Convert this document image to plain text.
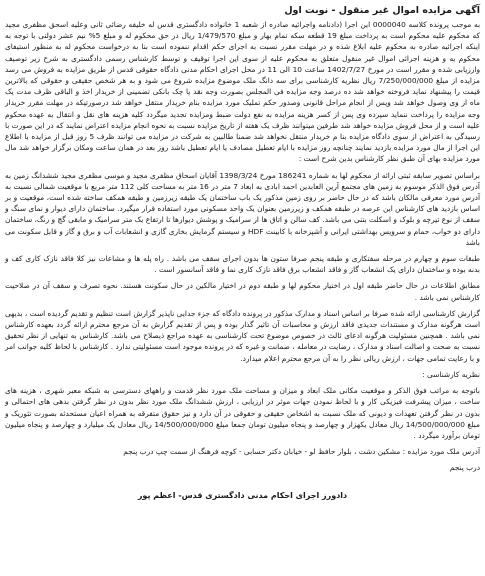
آگهی مزایده اموال غیر منقول - نوبت اول

به موجب پرونده کلاسه 0000040 این اجرا (دادنامه واجرائیه صادره از شعبه 1 خانواده دادگستری قدس له خلیفه رضائی ثانی وعلیه اسحق مظفری مجید که محکوم علیه محکوم است به پرداخت مبلغ 19 قطعه سکه تمام بهار و مبلغ 1/479/570 ریال در حق محکوم له و مبلغ 5% نیم عشر دولتی با توجه به اینکه اجرائیه صادره به محکوم علیه ابلاغ شده و در مهلت مقرر نسبت به اجرای حکم اقدام ننموده است بنا به درخواست محکوم له به منظور استیفای محکوم به و هزینه اجرائی اموال غیر منقول متعلق به محکوم علیه از سوی این اجرا توقیف و توسط کارشناس رسمی دادگستری به شرح زیر توصیف وارزیابی شده و مقرر است در مورخ 1402/7/27 ساعت 10 الی 11 در محل اجرای احکام مدنی دادگاه حقوقی قدس از طریق مزایده به فروش می رسد مزایده از مبلغ 7/250/000/000 ریال نظریه کارشناسی برای سه دانگ ملک موضوع مزایده شروع می شود و به هر شخص حقیقی و حقوقی که بالاترین قیمت را پیشنهاد نماید فروخته خواهد شد ده درصد وجه مزایده فی المجلس بصورت وجه نقد یا چک بانکی تضمینی از خریدار اخذ و الباقی ظرف مدت یک ماه از وی وصول خواهد شد وپس از انجام مراحل قانونی وصدور حکم تملیک مورد مزایده بنام خریدار منتقل خواهد شد درصورتیکه در مهلت مقرر خریدار وجه مزایده را پرداخت ننماید سپرده وی پس از کسر هزینه مزایده به نفع دولت ضبط ومزایده تجدید میگردد کلیه هزینه های نقل و انتقال به عهده محکوم علیه است و از محل فروش مزایده خواهد شد طرفین میتوانند ظرف یک هفته از تاریخ مزایده نسبت به نحوه انجام مزایده اعتراض نمایند که در این صورت با رسیدگی به اعتراض از سوی دادگاه مزایده بنا م خریدار منتقل نخواهد شد ضمنا طالبین به شرکت در مزایده می توانند ظرف 5 روز قبل از مزایده با اطلاع این اجرا از مال مورد مزایده بازدید نمایند چنانچه روز مزایده با ایام تعطیل مصادف یا ایام تعطیل باشد روز بعد در همان ساعت ومکان برگزار خواهد شد مال مورد مزایده بهای آن طبق نظر کارشناس بدین شرح است :

براساس تصویر سابقه ثبتی ارائه از محکوم لها به شماره 186241 مورخ 1398/3/24 آقایان اسحاق مظفری مجید و موسی مظفری مجید ششدانگ زمین به آدرس فوق الذکر موسوم به زمین های مجتمع آرین العابدین احمد ابادی به ابعاد 7 متر در 16 متر به مساحت کلی 112 متر مربع با موقعیت شمالی نسبت به آدرس مورد معرفی مالکان باشد که در حال حاضر بر روی زمین مذکور یک باب ساختمان یک طبقه زیرزمین و طبقه همکف ساخته شده است، موقعیت و بر اساس بازدید های کارشناس این عرصه در طبقه همکف و زیرزمین بعنوان یک واحد مسکونی مورد استفاده قرار میگیرد. ساختمان دارای دیوار و نمای سنگ و سقف از نوع تیرچه و بلوک و اسکلت بتنی می باشد. کف سالن و اتاق ها از سرامیک و پوشش دیوارها تا ارتفاع یک متر سرامیک و مابقی گچ و رنگ، ساختمان دارای دو خواب، حمام و سرویس بهداشتی ایرانی و آشپزخانه با کابینت HDF و سیستم گرمایش بخاری گازی و انشعابات آب و برق و گاز و قابل سکونت می باشد

طبقات سوم و چهارم در مرحله سفتکاری و طبقه پنجم صرفا ستون ها بدون اجرای سقف می باشد . راه پله ها و مشاعات نیز کلا فاقد نازک کاری کف و بدنه بوده و ساختمان دارای یک انشعاب گاز و فاقد انشعاب برق فاقد نازک کاری نما و فاقد آسانسور است .

مطابق اطلاعات در حال حاضر طبقه اول در اختیار محکوم لها و طبقه دوم در اختیار مالکین در حال سکونت هستند. نحوه تصرف و سقف آن در صلاحیت کارشناس نمی باشد .

گزارش کارشناسی ارائه شده صرفا بر اساس اسناد و مدارک مذکور در پرونده دادگاه که جزء جدایی ناپذیر گزارش است تنظیم و تقدیم گردیده است ، بدیهی است هرگونه مدارک و مستندات جدیدی فاقد ارزش و محاسبات آن تاثیر گذار بوده و پس از تقدیم گزارش به آن مرجع محترم ارائه گردد بعهده کارشناس نمی باشد . همچنین مسئولیت هرگونه ادعای ثالث در خصوص موضوع تحت کارشناسی به عهده مراجع ذیصلاح می باشد. کارشناس به تنهایی از نظر تحقیق نسبت به صحت و اصالت اسناد و مدارک ، رضایت در معامله ، ضمانت و غیره که در پرونده موجود است مسئولیتی ندارد . کارشناس با لحاظ کلیه جوانب امر و با رعایت تمامی جهات ، ارزش ریالی نظر را به آن مرجع محترم اعلام میدارد.

نظریه کارشناسی :

باتوجه به مراتب فوق الذکر و موقعیت مکانی ملک ابعاد و میزان و مساحت ملک مورد نظر قدمت و راههای دسترسی به شبکه معبر شهری ، هزینه های ساخت ، میزان پیشرفت فیزیکی کار و با لحاظ نمودن جهات موثر در ارزیابی ، ارزش ششدانگ ملک مورد نظر بدون در نظر گرفتن بدهی های احتمالی و بدون در نظر گرفتن تعهدات و دیونی که ملک نسبت به اشخاص حقیقی و حقوقی در آن دارد و نیز حقوق متفرقه به همراه اعیان مستحدثه بصورت تئوریک و مبلغ 14/500/000/000 ریال معادل یکهزار و چهارصد و پنجاه میلیون تومان جمعا مبلغ 14/500/000/000 ریال معادل یک میلیارد و چهارصد و پنجاه میلیون تومان برآورد میگردد .

آدرس ملک مورد مزایده : مشکین دشت ، بلوار حافظ لو - خیابان دکتر حسابی - کوچه فرهنگ از سمت چپ درب پنجم

درب پنجم

دادورز اجرای احکام مدنی دادگستری قدس- اعظم پور
